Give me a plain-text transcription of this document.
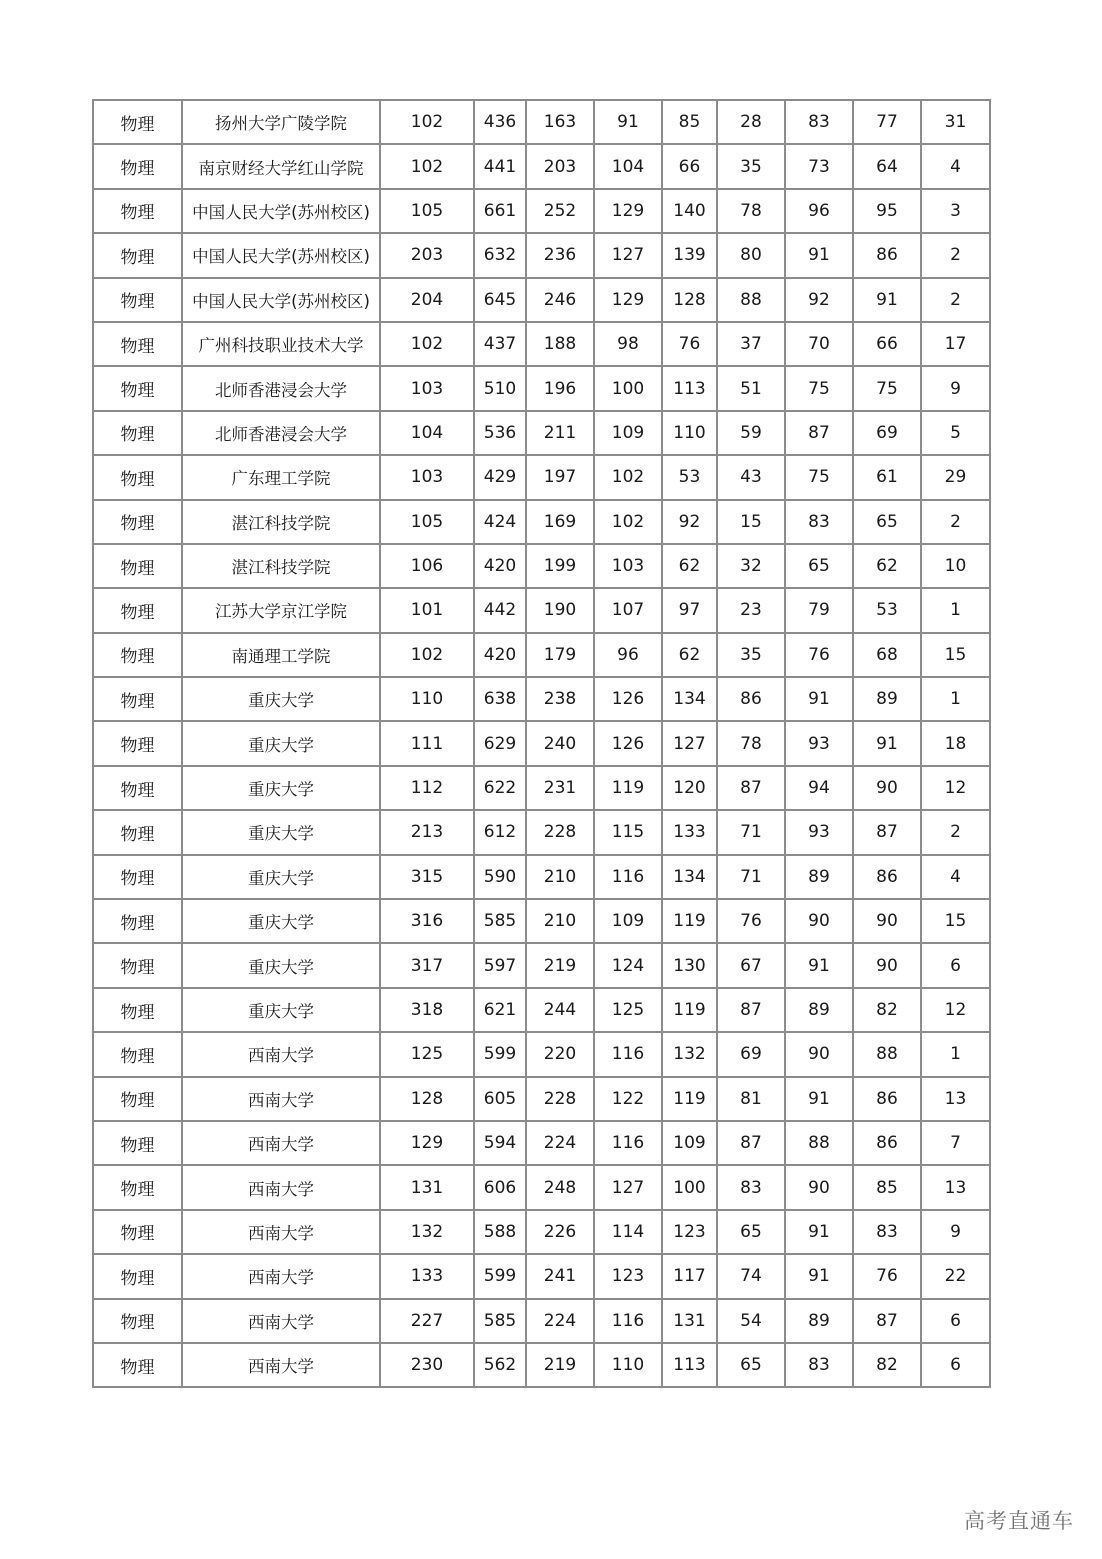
物理	扬州大学广陵学院	102	436	163	91	85	28	83	77	31
物理	南京财经大学红山学院	102	441	203	104	66	35	73	64	4
物理	中国人民大学(苏州校区)	105	661	252	129	140	78	96	95	3
物理	中国人民大学(苏州校区)	203	632	236	127	139	80	91	86	2
物理	中国人民大学(苏州校区)	204	645	246	129	128	88	92	91	2
物理	广州科技职业技术大学	102	437	188	98	76	37	70	66	17
物理	北师香港浸会大学	103	510	196	100	113	51	75	75	9
物理	北师香港浸会大学	104	536	211	109	110	59	87	69	5
物理	广东理工学院	103	429	197	102	53	43	75	61	29
物理	湛江科技学院	105	424	169	102	92	15	83	65	2
物理	湛江科技学院	106	420	199	103	62	32	65	62	10
物理	江苏大学京江学院	101	442	190	107	97	23	79	53	1
物理	南通理工学院	102	420	179	96	62	35	76	68	15
物理	重庆大学	110	638	238	126	134	86	91	89	1
物理	重庆大学	111	629	240	126	127	78	93	91	18
物理	重庆大学	112	622	231	119	120	87	94	90	12
物理	重庆大学	213	612	228	115	133	71	93	87	2
物理	重庆大学	315	590	210	116	134	71	89	86	4
物理	重庆大学	316	585	210	109	119	76	90	90	15
物理	重庆大学	317	597	219	124	130	67	91	90	6
物理	重庆大学	318	621	244	125	119	87	89	82	12
物理	西南大学	125	599	220	116	132	69	90	88	1
物理	西南大学	128	605	228	122	119	81	91	86	13
物理	西南大学	129	594	224	116	109	87	88	86	7
物理	西南大学	131	606	248	127	100	83	90	85	13
物理	西南大学	132	588	226	114	123	65	91	83	9
物理	西南大学	133	599	241	123	117	74	91	76	22
物理	西南大学	227	585	224	116	131	54	89	87	6
物理	西南大学	230	562	219	110	113	65	83	82	6
高考直通车
